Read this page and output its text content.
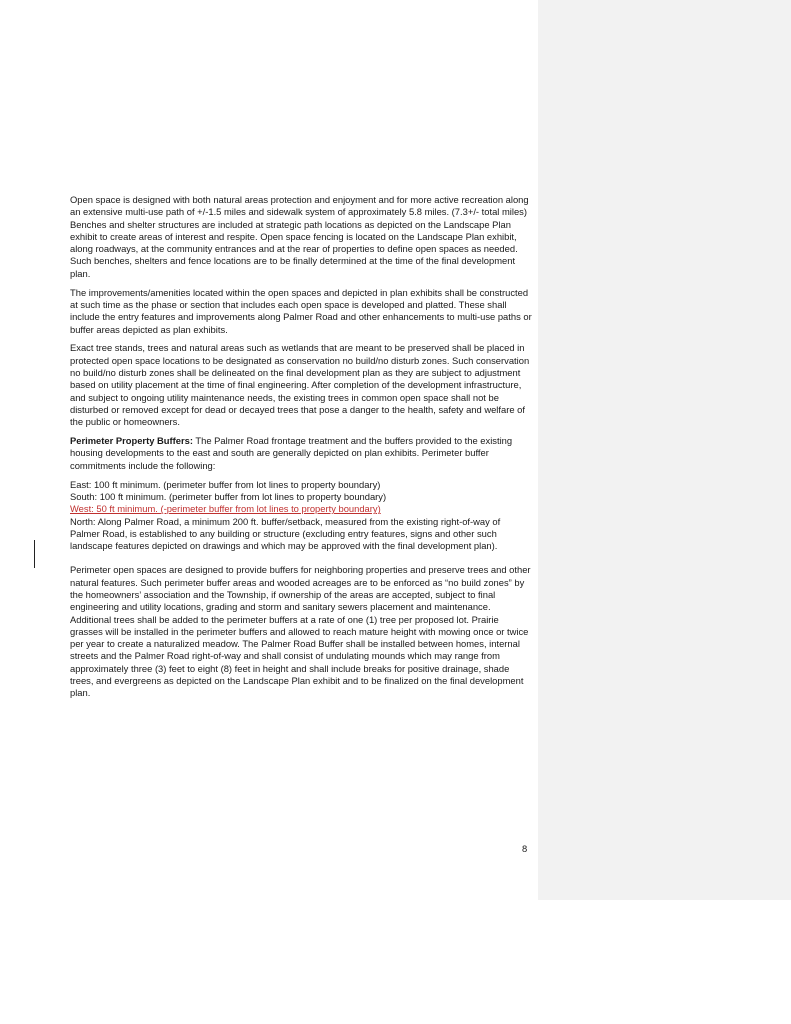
Open space is designed with both natural areas protection and enjoyment and for more active recreation along an extensive multi-use path of +/-1.5 miles and sidewalk system of approximately 5.8 miles. (7.3+/- total miles) Benches and shelter structures are included at strategic path locations as depicted on the Landscape Plan exhibit to create areas of interest and respite. Open space fencing is located on the Landscape Plan exhibit, along roadways, at the community entrances and at the rear of properties to define open spaces as needed. Such benches, shelters and fence locations are to be finally determined at the time of the final development plan.

The improvements/amenities located within the open spaces and depicted in plan exhibits shall be constructed at such time as the phase or section that includes each open space is developed and platted. These shall include the entry features and improvements along Palmer Road and other enhancements to multi-use paths or buffer areas depicted as plan exhibits.

Exact tree stands, trees and natural areas such as wetlands that are meant to be preserved shall be placed in protected open space locations to be designated as conservation no build/no disturb zones. Such conservation no build/no disturb zones shall be delineated on the final development plan as they are subject to adjustment based on utility placement at the time of final engineering. After completion of the development infrastructure, and subject to ongoing utility maintenance needs, the existing trees in common open space shall not be disturbed or removed except for dead or decayed trees that pose a danger to the health, safety and welfare of the public or homeowners.

Perimeter Property Buffers: The Palmer Road frontage treatment and the buffers provided to the existing housing developments to the east and south are generally depicted on plan exhibits. Perimeter buffer commitments include the following:

East: 100 ft minimum. (perimeter buffer from lot lines to property boundary)
South: 100 ft minimum. (perimeter buffer from lot lines to property boundary)
West: 50 ft minimum. (-perimeter buffer from lot lines to property boundary)
North: Along Palmer Road, a minimum 200 ft. buffer/setback, measured from the existing right-of-way of Palmer Road, is established to any building or structure (excluding entry features, signs and other such landscape features depicted on drawings and which may be approved with the final development plan).

Perimeter open spaces are designed to provide buffers for neighboring properties and preserve trees and other natural features. Such perimeter buffer areas and wooded acreages are to be enforced as “no build zones” by the homeowners’ association and the Township, if ownership of the areas are accepted, subject to final engineering and utility locations, grading and storm and sanitary sewers placement and maintenance. Additional trees shall be added to the perimeter buffers at a rate of one (1) tree per proposed lot. Prairie grasses will be installed in the perimeter buffers and allowed to reach mature height with mowing once or twice per year to create a naturalized meadow. The Palmer Road Buffer shall be installed between homes, internal streets and the Palmer Road right-of-way and shall consist of undulating mounds which may range from approximately three (3) feet to eight (8) feet in height and shall include breaks for positive drainage, shade trees, and evergreens as depicted on the Landscape Plan exhibit and to be finalized on the final development plan.

8
